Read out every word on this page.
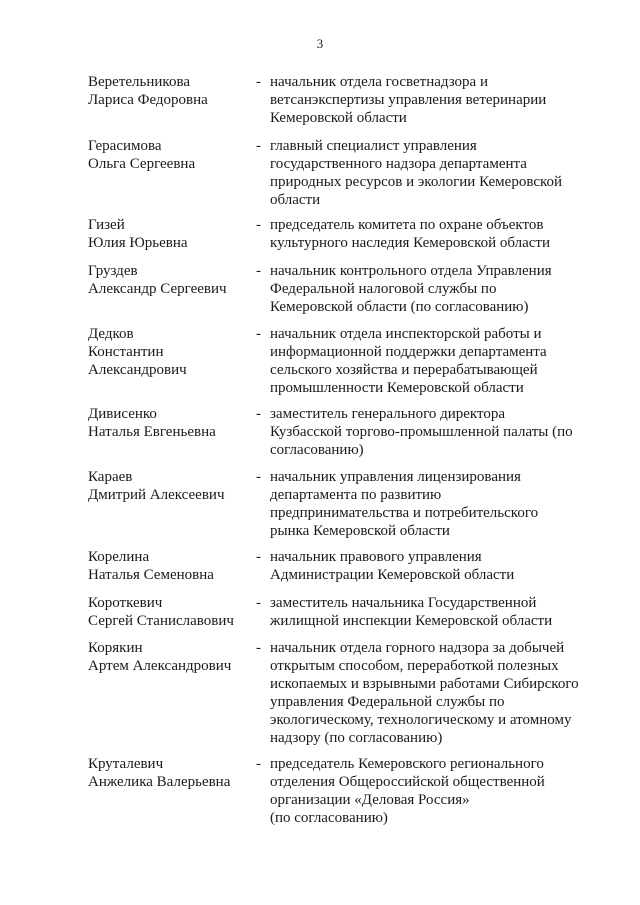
3
Веретельникова
Лариса Федоровна
- начальник отдела госветнадзора и
ветсанэкспертизы управления ветеринарии
Кемеровской области
Герасимова
Ольга Сергеевна
- главный специалист управления
государственного надзора департамента
природных ресурсов и экологии Кемеровской
области
Гизей
Юлия Юрьевна
- председатель комитета по охране объектов
культурного наследия Кемеровской области
Груздев
Александр Сергеевич
- начальник контрольного отдела Управления
Федеральной налоговой службы по
Кемеровской области (по согласованию)
Дедков
Константин
Александрович
- начальник отдела инспекторской работы и
информационной поддержки департамента
сельского хозяйства и перерабатывающей
промышленности Кемеровской области
Дивисенко
Наталья Евгеньевна
- заместитель генерального директора
Кузбасской торгово-промышленной палаты (по
согласованию)
Караев
Дмитрий Алексеевич
- начальник управления лицензирования
департамента по развитию
предпринимательства и потребительского
рынка Кемеровской области
Корелина
Наталья Семеновна
- начальник правового управления
Администрации Кемеровской области
Короткевич
Сергей Станиславович
- заместитель начальника Государственной
жилищной инспекции Кемеровской области
Корякин
Артем Александрович
- начальник отдела горного надзора за добычей
открытым способом, переработкой полезных
ископаемых и взрывными работами Сибирского
управления Федеральной службы по
экологическому, технологическому и атомному
надзору (по согласованию)
Круталевич
Анжелика Валерьевна
- председатель Кемеровского регионального
отделения Общероссийской общественной
организации «Деловая Россия»
(по согласованию)
